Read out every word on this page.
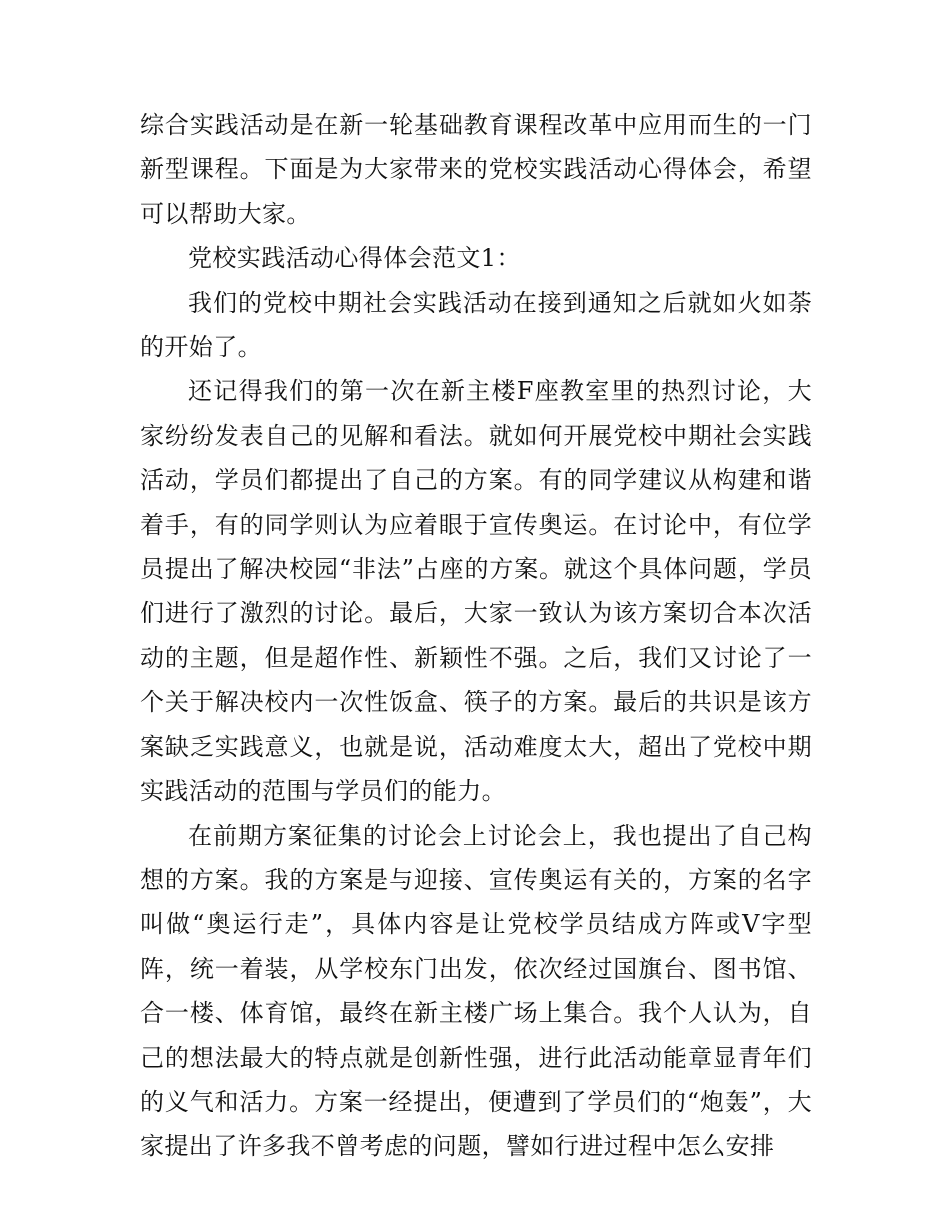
综合实践活动是在新一轮基础教育课程改革中应用而生的一门新型课程。下面是为大家带来的党校实践活动心得体会，希望可以帮助大家。

党校实践活动心得体会范文1：

我们的党校中期社会实践活动在接到通知之后就如火如荼的开始了。

还记得我们的第一次在新主楼F座教室里的热烈讨论，大家纷纷发表自己的见解和看法。就如何开展党校中期社会实践活动，学员们都提出了自己的方案。有的同学建议从构建和谐着手，有的同学则认为应着眼于宣传奥运。在讨论中，有位学员提出了解决校园“非法”占座的方案。就这个具体问题，学员们进行了激烈的讨论。最后，大家一致认为该方案切合本次活动的主题，但是超作性、新颖性不强。之后，我们又讨论了一个关于解决校内一次性饭盒、筷子的方案。最后的共识是该方案缺乏实践意义，也就是说，活动难度太大，超出了党校中期实践活动的范围与学员们的能力。

在前期方案征集的讨论会上讨论会上，我也提出了自己构想的方案。我的方案是与迎接、宣传奥运有关的，方案的名字叫做“奥运行走”，具体内容是让党校学员结成方阵或V字型阵，统一着装，从学校东门出发，依次经过国旗台、图书馆、合一楼、体育馆，最终在新主楼广场上集合。我个人认为，自己的想法最大的特点就是创新性强，进行此活动能章显青年们的义气和活力。方案一经提出，便遭到了学员们的“炮轰”，大家提出了许多我不曾考虑的问题，譬如行进过程中怎么安排
